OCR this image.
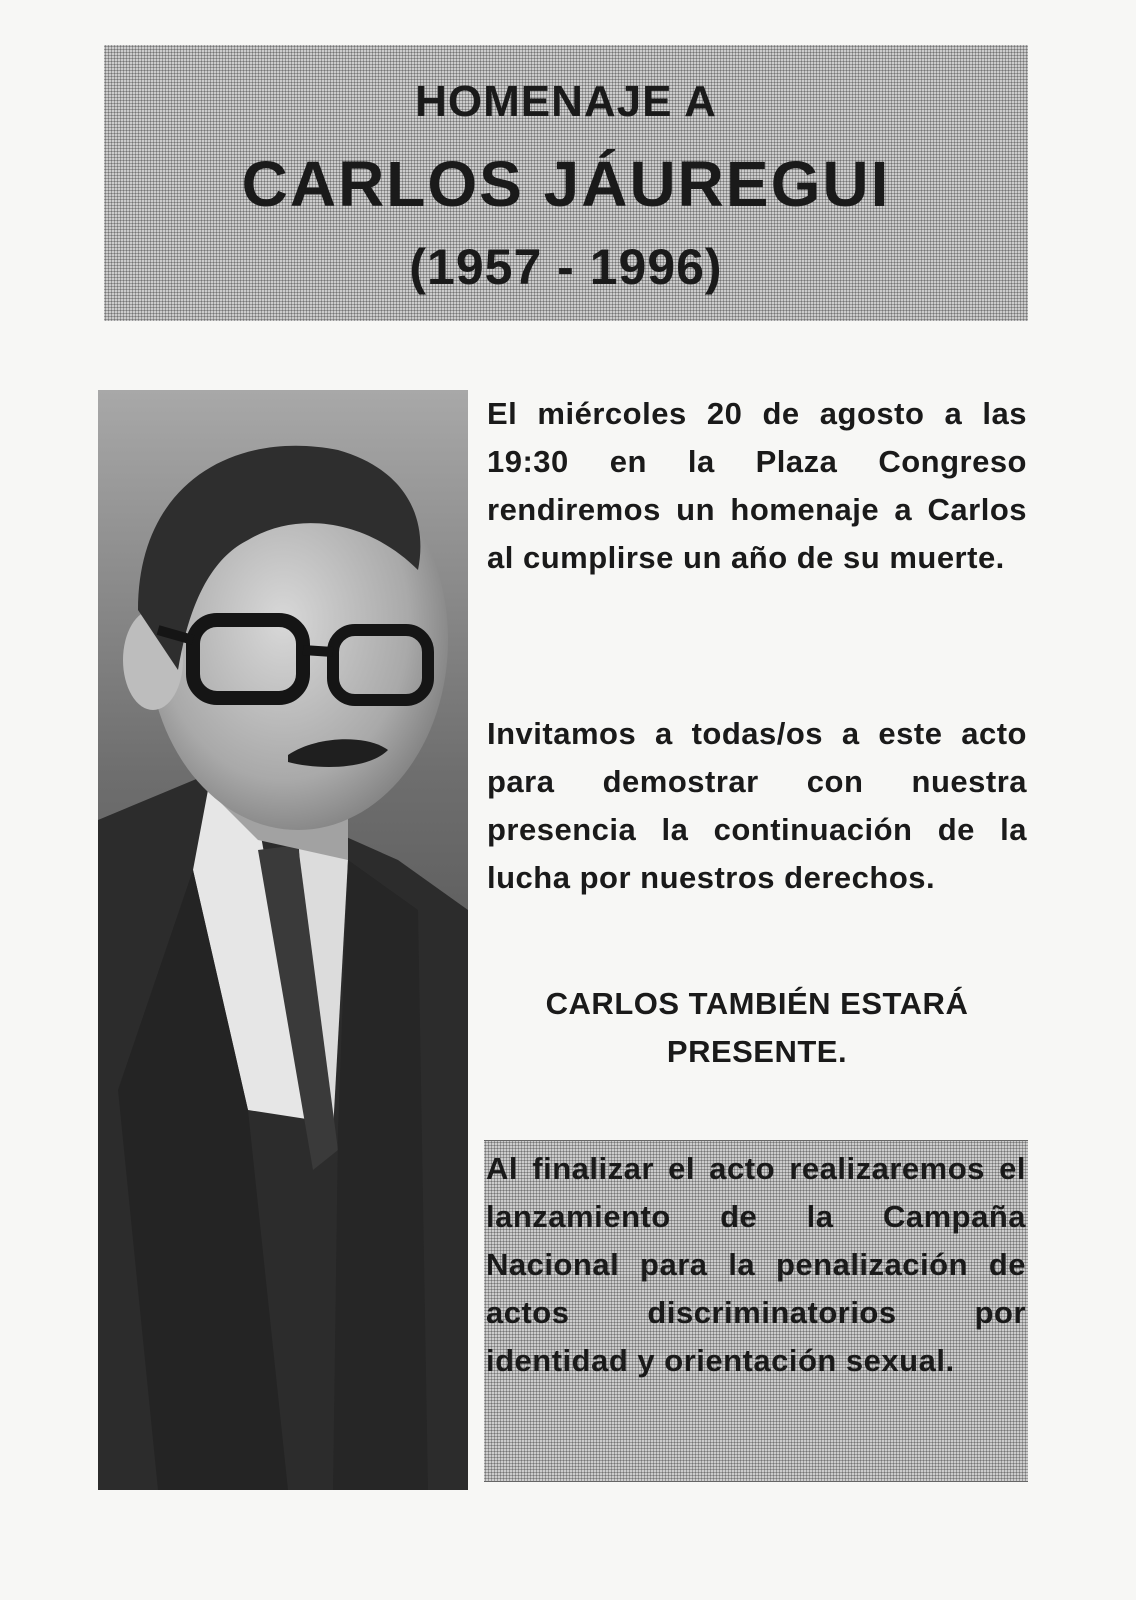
HOMENAJE A
CARLOS JÁUREGUI
(1957 - 1996)
El miércoles 20 de agosto a las 19:30 en la Plaza Congreso rendiremos un homenaje a Carlos al cumplirse un año de su muerte.
Invitamos a todas/os a este acto para demostrar con nuestra presencia la continuación de la lucha por nuestros derechos.
CARLOS TAMBIÉN ESTARÁ
PRESENTE.

Al finalizar el acto realizaremos el lanzamiento de la Campaña Nacional para la penalización de actos discriminatorios por identidad y orientación sexual.
